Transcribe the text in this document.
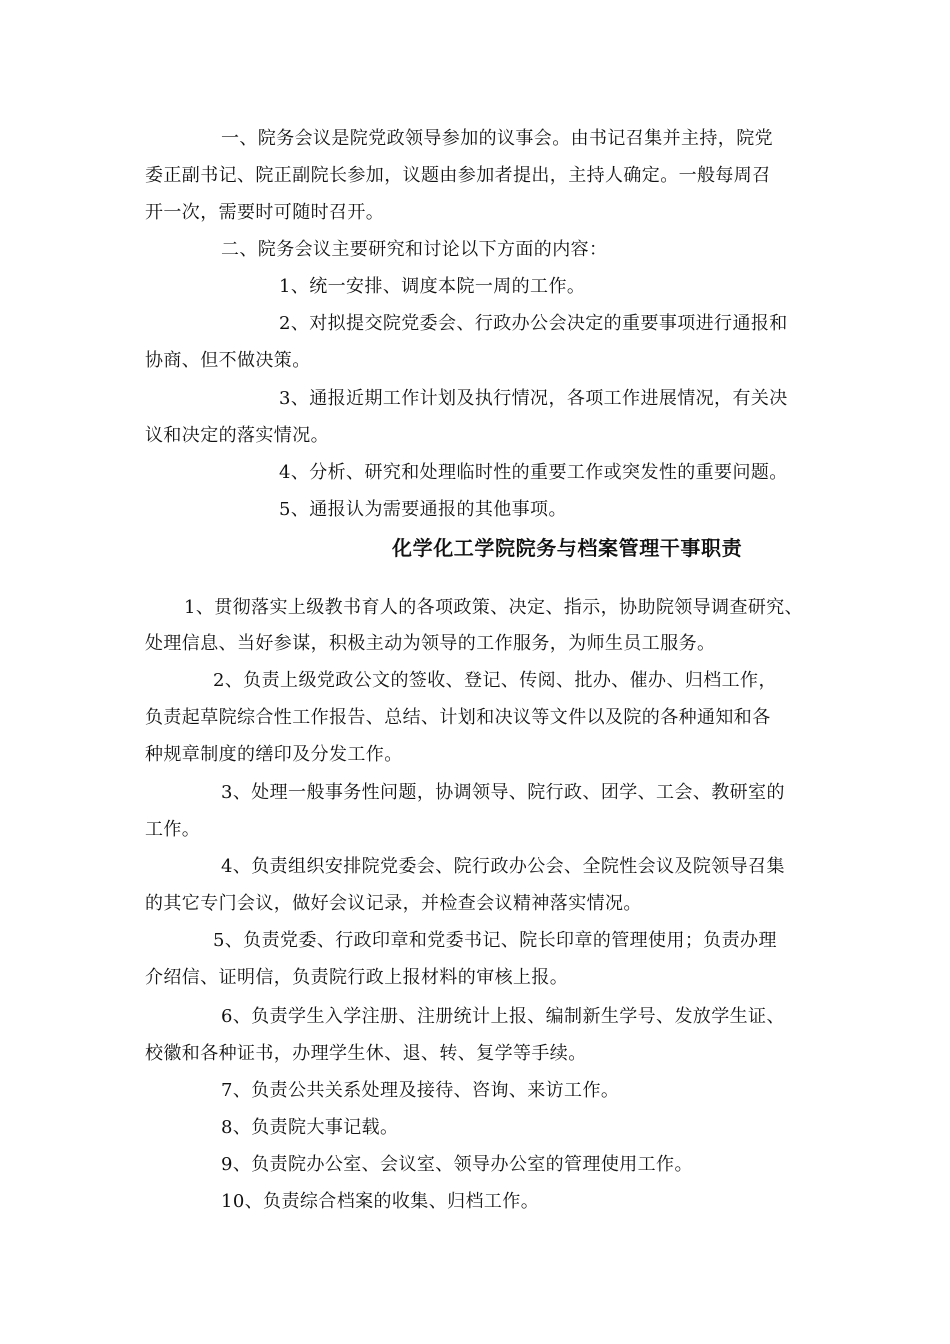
一、院务会议是院党政领导参加的议事会。由书记召集并主持，院党
委正副书记、院正副院长参加，议题由参加者提出，主持人确定。一般每周召
开一次，需要时可随时召开。
二、院务会议主要研究和讨论以下方面的内容：
1、统一安排、调度本院一周的工作。
2、对拟提交院党委会、行政办公会决定的重要事项进行通报和
协商、但不做决策。
3、通报近期工作计划及执行情况，各项工作进展情况，有关决
议和决定的落实情况。
4、分析、研究和处理临时性的重要工作或突发性的重要问题。
5、通报认为需要通报的其他事项。
化学化工学院院务与档案管理干事职责
1、贯彻落实上级教书育人的各项政策、决定、指示，协助院领导调查研究、
处理信息、当好参谋，积极主动为领导的工作服务，为师生员工服务。
2、负责上级党政公文的签收、登记、传阅、批办、催办、归档工作，
负责起草院综合性工作报告、总结、计划和决议等文件以及院的各种通知和各
种规章制度的缮印及分发工作。
3、处理一般事务性问题，协调领导、院行政、团学、工会、教研室的
工作。
4、负责组织安排院党委会、院行政办公会、全院性会议及院领导召集
的其它专门会议，做好会议记录，并检查会议精神落实情况。
5、负责党委、行政印章和党委书记、院长印章的管理使用；负责办理
介绍信、证明信，负责院行政上报材料的审核上报。
6、负责学生入学注册、注册统计上报、编制新生学号、发放学生证、
校徽和各种证书，办理学生休、退、转、复学等手续。
7、负责公共关系处理及接待、咨询、来访工作。
8、负责院大事记载。
9、负责院办公室、会议室、领导办公室的管理使用工作。
10、负责综合档案的收集、归档工作。
